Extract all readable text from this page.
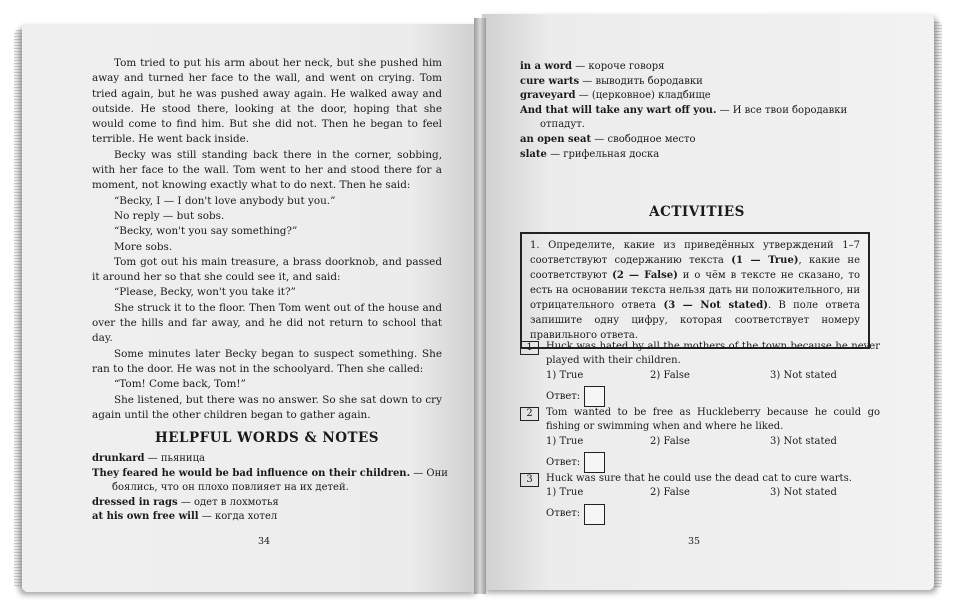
Tom tried to put his arm about her neck, but she pushed him away and turned her face to the wall, and went on crying. Tom tried again, but he was pushed away again. He walked away and outside. He stood there, looking at the door, hoping that she would come to find him. But she did not. Then he began to feel terrible. He went back inside.

Becky was still standing back there in the corner, sobbing, with her face to the wall. Tom went to her and stood there for a moment, not knowing exactly what to do next. Then he said:

“Becky, I — I don't love anybody but you.”

No reply — but sobs.

“Becky, won't you say something?”

More sobs.

Tom got out his main treasure, a brass doorknob, and passed it around her so that she could see it, and said:

“Please, Becky, won't you take it?”

She struck it to the floor. Then Tom went out of the house and over the hills and far away, and he did not return to school that day.

Some minutes later Becky began to suspect something. She ran to the door. He was not in the schoolyard. Then she called:

“Tom! Come back, Tom!”

She listened, but there was no answer. So she sat down to cry again until the other children began to gather again.

HELPFUL WORDS & NOTES
drunkard — пьяница
They feared he would be bad influence on their children. — Они
боялись, что он плохо повлияет на их детей.
dressed in rags — одет в лохмотья
at his own free will — когда хотел
34
in a word — короче говоря
cure warts — выводить бородавки
graveyard — (церковное) кладбище
And that will take any wart off you. — И все твои бородавки
отпадут.
an open seat — свободное место
slate — грифельная доска
ACTIVITIES
1. Определите, какие из приведённых утверждений 1–7 соответствуют содержанию текста (1 — True), какие не соответствуют (2 — False) и о чём в тексте не сказано, то есть на основании текста нельзя дать ни положительного, ни отрицательного ответа (3 — Not stated). В поле ответа запишите одну цифру, которая соответствует номеру правильного ответа.
1	Huck was hated by all the mothers of the town because he never played with their children.
1) True	2) False	3) Not stated
Ответ:
2	Tom wanted to be free as Huckleberry because he could go fishing or swimming when and where he liked.
1) True	2) False	3) Not stated
Ответ:
3	Huck was sure that he could use the dead cat to cure warts.
1) True	2) False	3) Not stated
Ответ:
35
